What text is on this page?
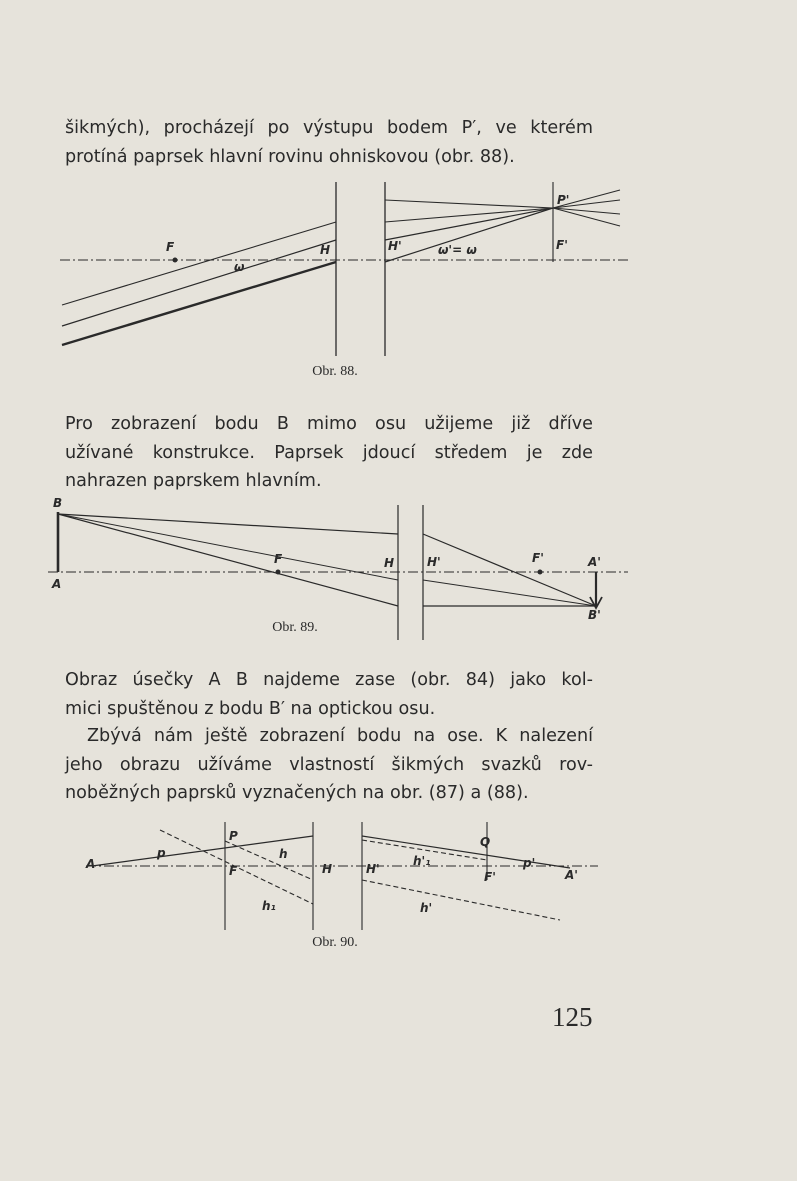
šikmých), procházejí po výstupu bodem P′, ve kterém
protíná paprsek hlavní rovinu ohniskovou (obr. 88).
F	H	H'	F'
P'
ω
ω'= ω
Obr. 88.
Pro zobrazení bodu B mimo osu užijeme již dříve
užívané konstrukce. Paprsek jdoucí středem je zde
nahrazen paprskem hlavním.
B
A
F	H	H'	F'	A'
B'
Obr. 89.
Obraz úsečky A B najdeme zase (obr. 84) jako kol-
mici spuštěnou z bodu B′ na optickou osu.
Zbývá nám ještě zobrazení bodu na ose. K nalezení
jeho obrazu užíváme vlastností šikmých svazků rov-
noběžných paprsků vyznačených na obr. (87) a (88).
A
p
P
F
h
h₁
H	H'
h'₁
Q
F'
p'
h'
A'
Obr. 90.
125
